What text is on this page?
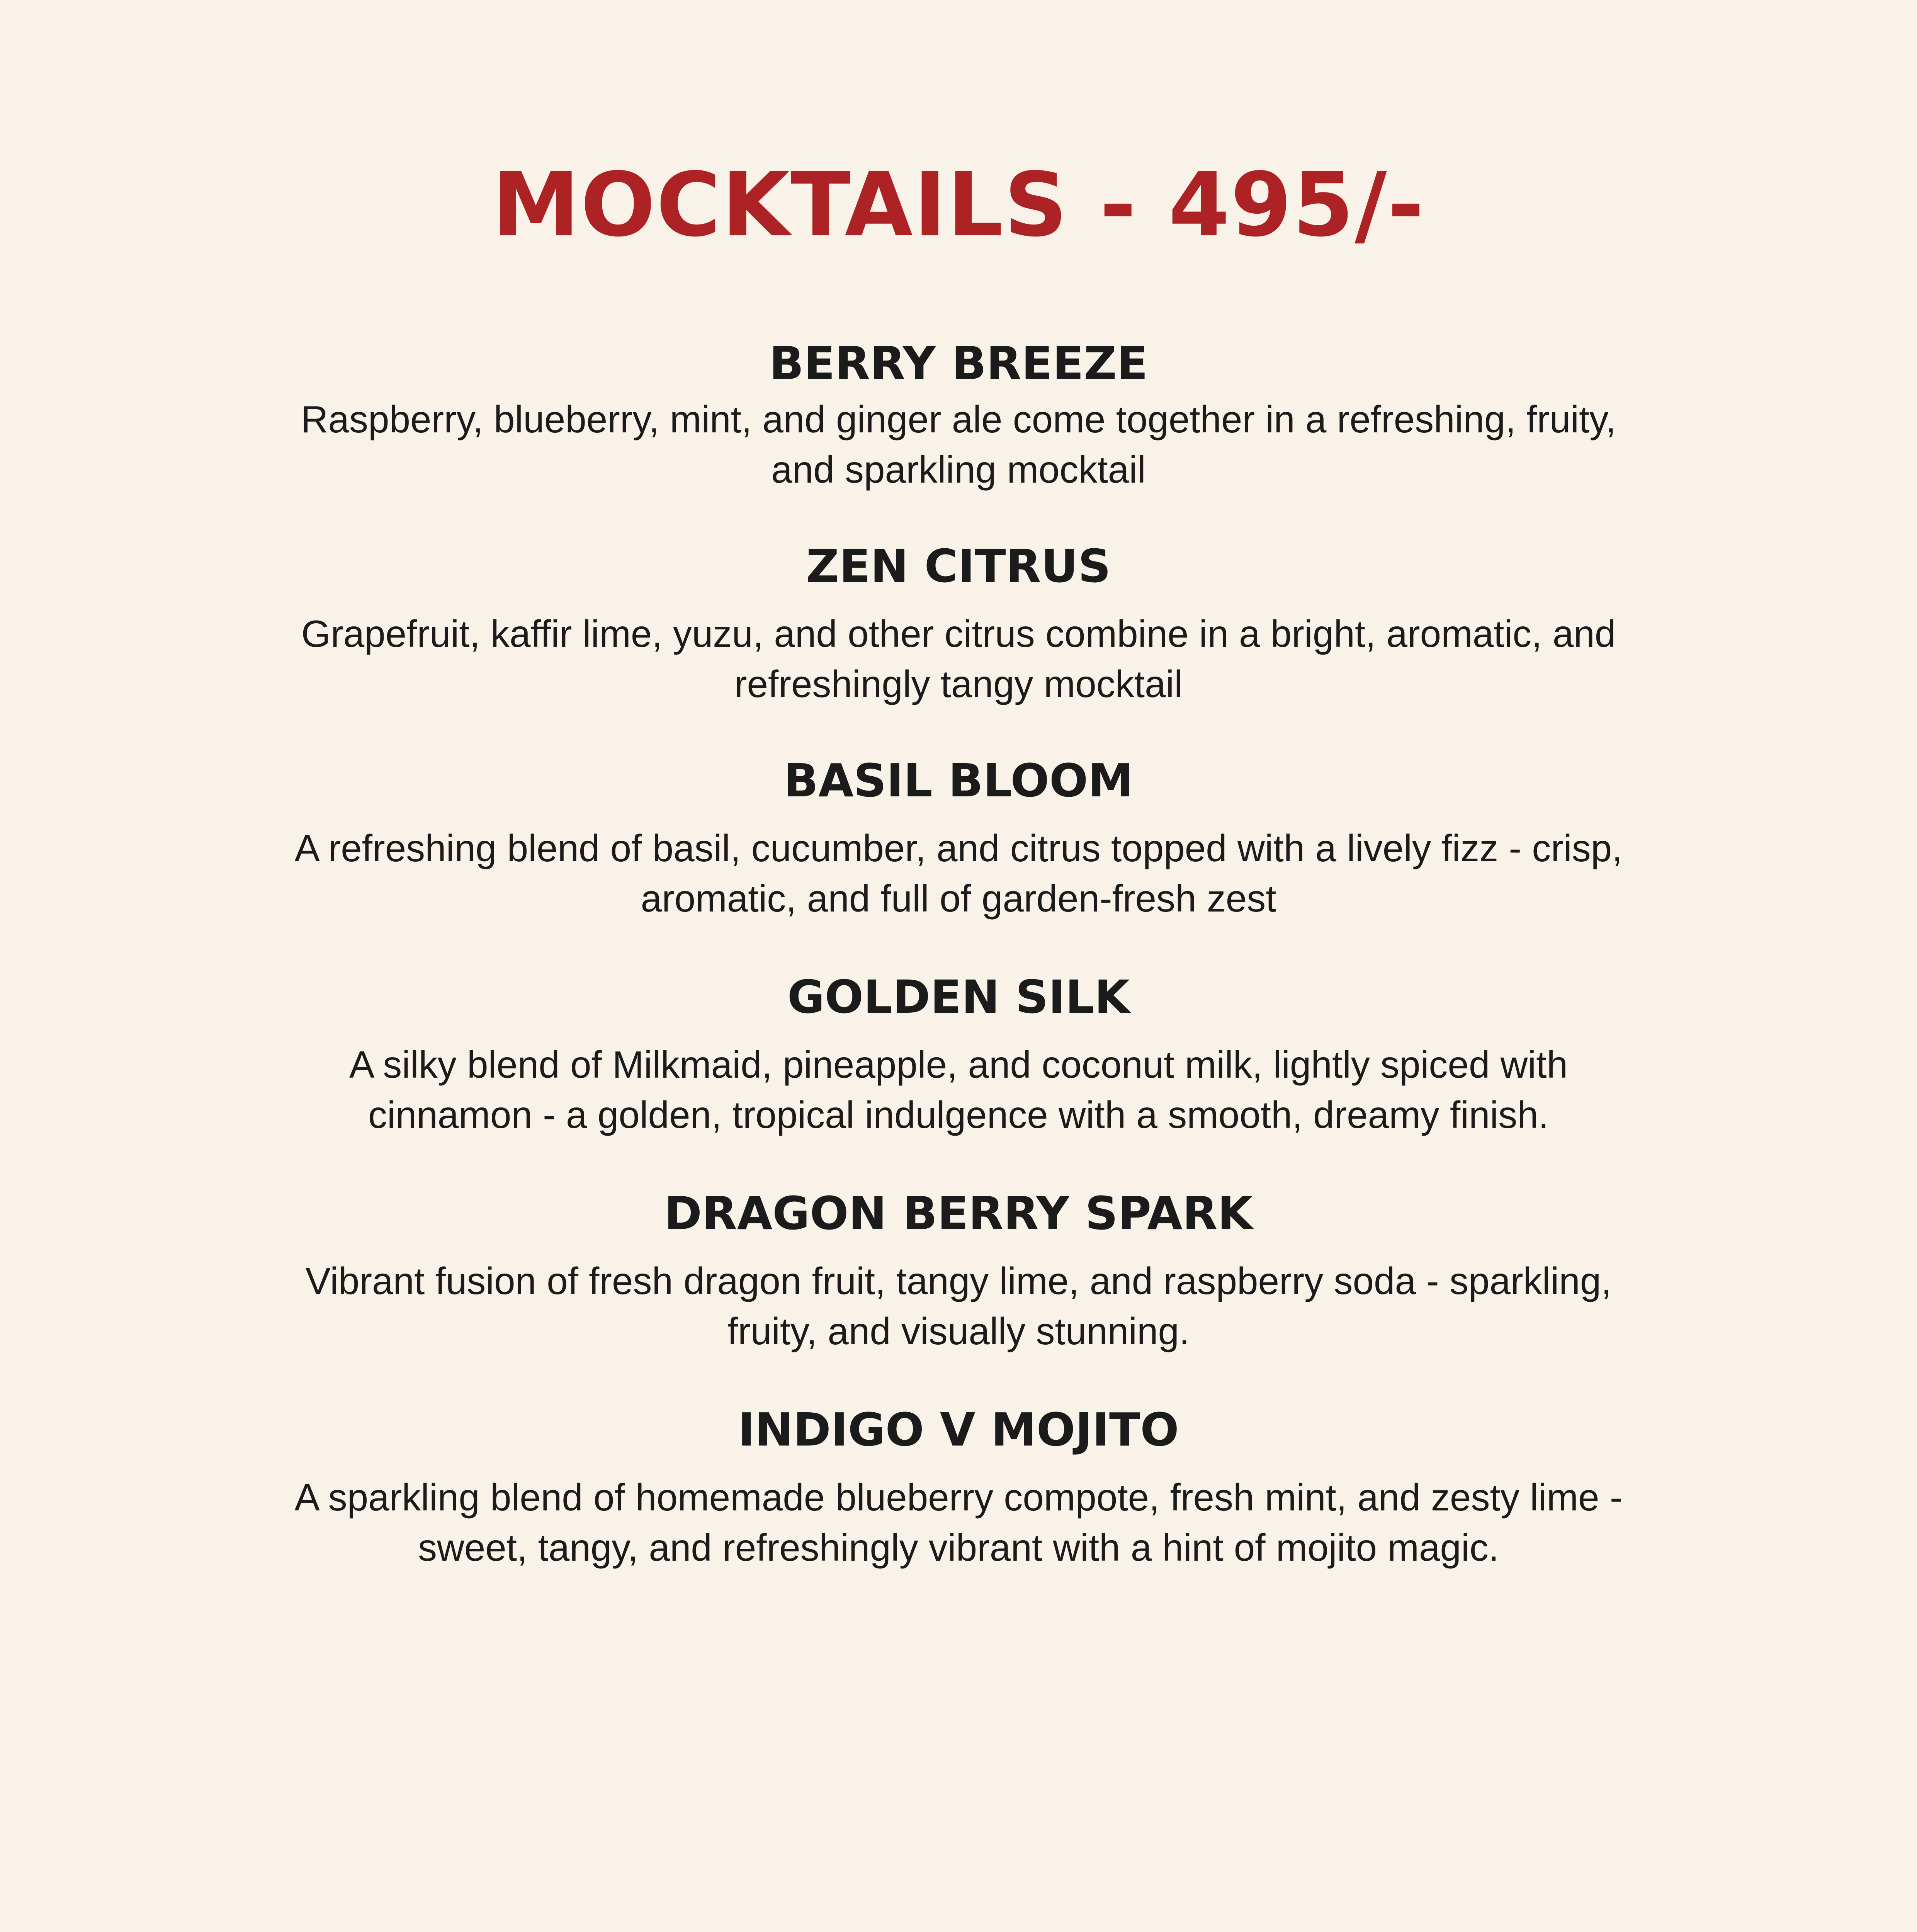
MOCKTAILS - 495/-
BERRY BREEZE
Raspberry, blueberry, mint, and ginger ale come together in a refreshing, fruity, and sparkling mocktail
ZEN CITRUS
Grapefruit, kaffir lime, yuzu, and other citrus combine in a bright, aromatic, and refreshingly tangy mocktail
BASIL BLOOM
A refreshing blend of basil, cucumber, and citrus topped with a lively fizz - crisp, aromatic, and full of garden-fresh zest
GOLDEN SILK
A silky blend of Milkmaid, pineapple, and coconut milk, lightly spiced with cinnamon - a golden, tropical indulgence with a smooth, dreamy finish.
DRAGON BERRY SPARK
Vibrant fusion of fresh dragon fruit, tangy lime, and raspberry soda - sparkling, fruity, and visually stunning.
INDIGO V MOJITO
A sparkling blend of homemade blueberry compote, fresh mint, and zesty lime - sweet, tangy, and refreshingly vibrant with a hint of mojito magic.
